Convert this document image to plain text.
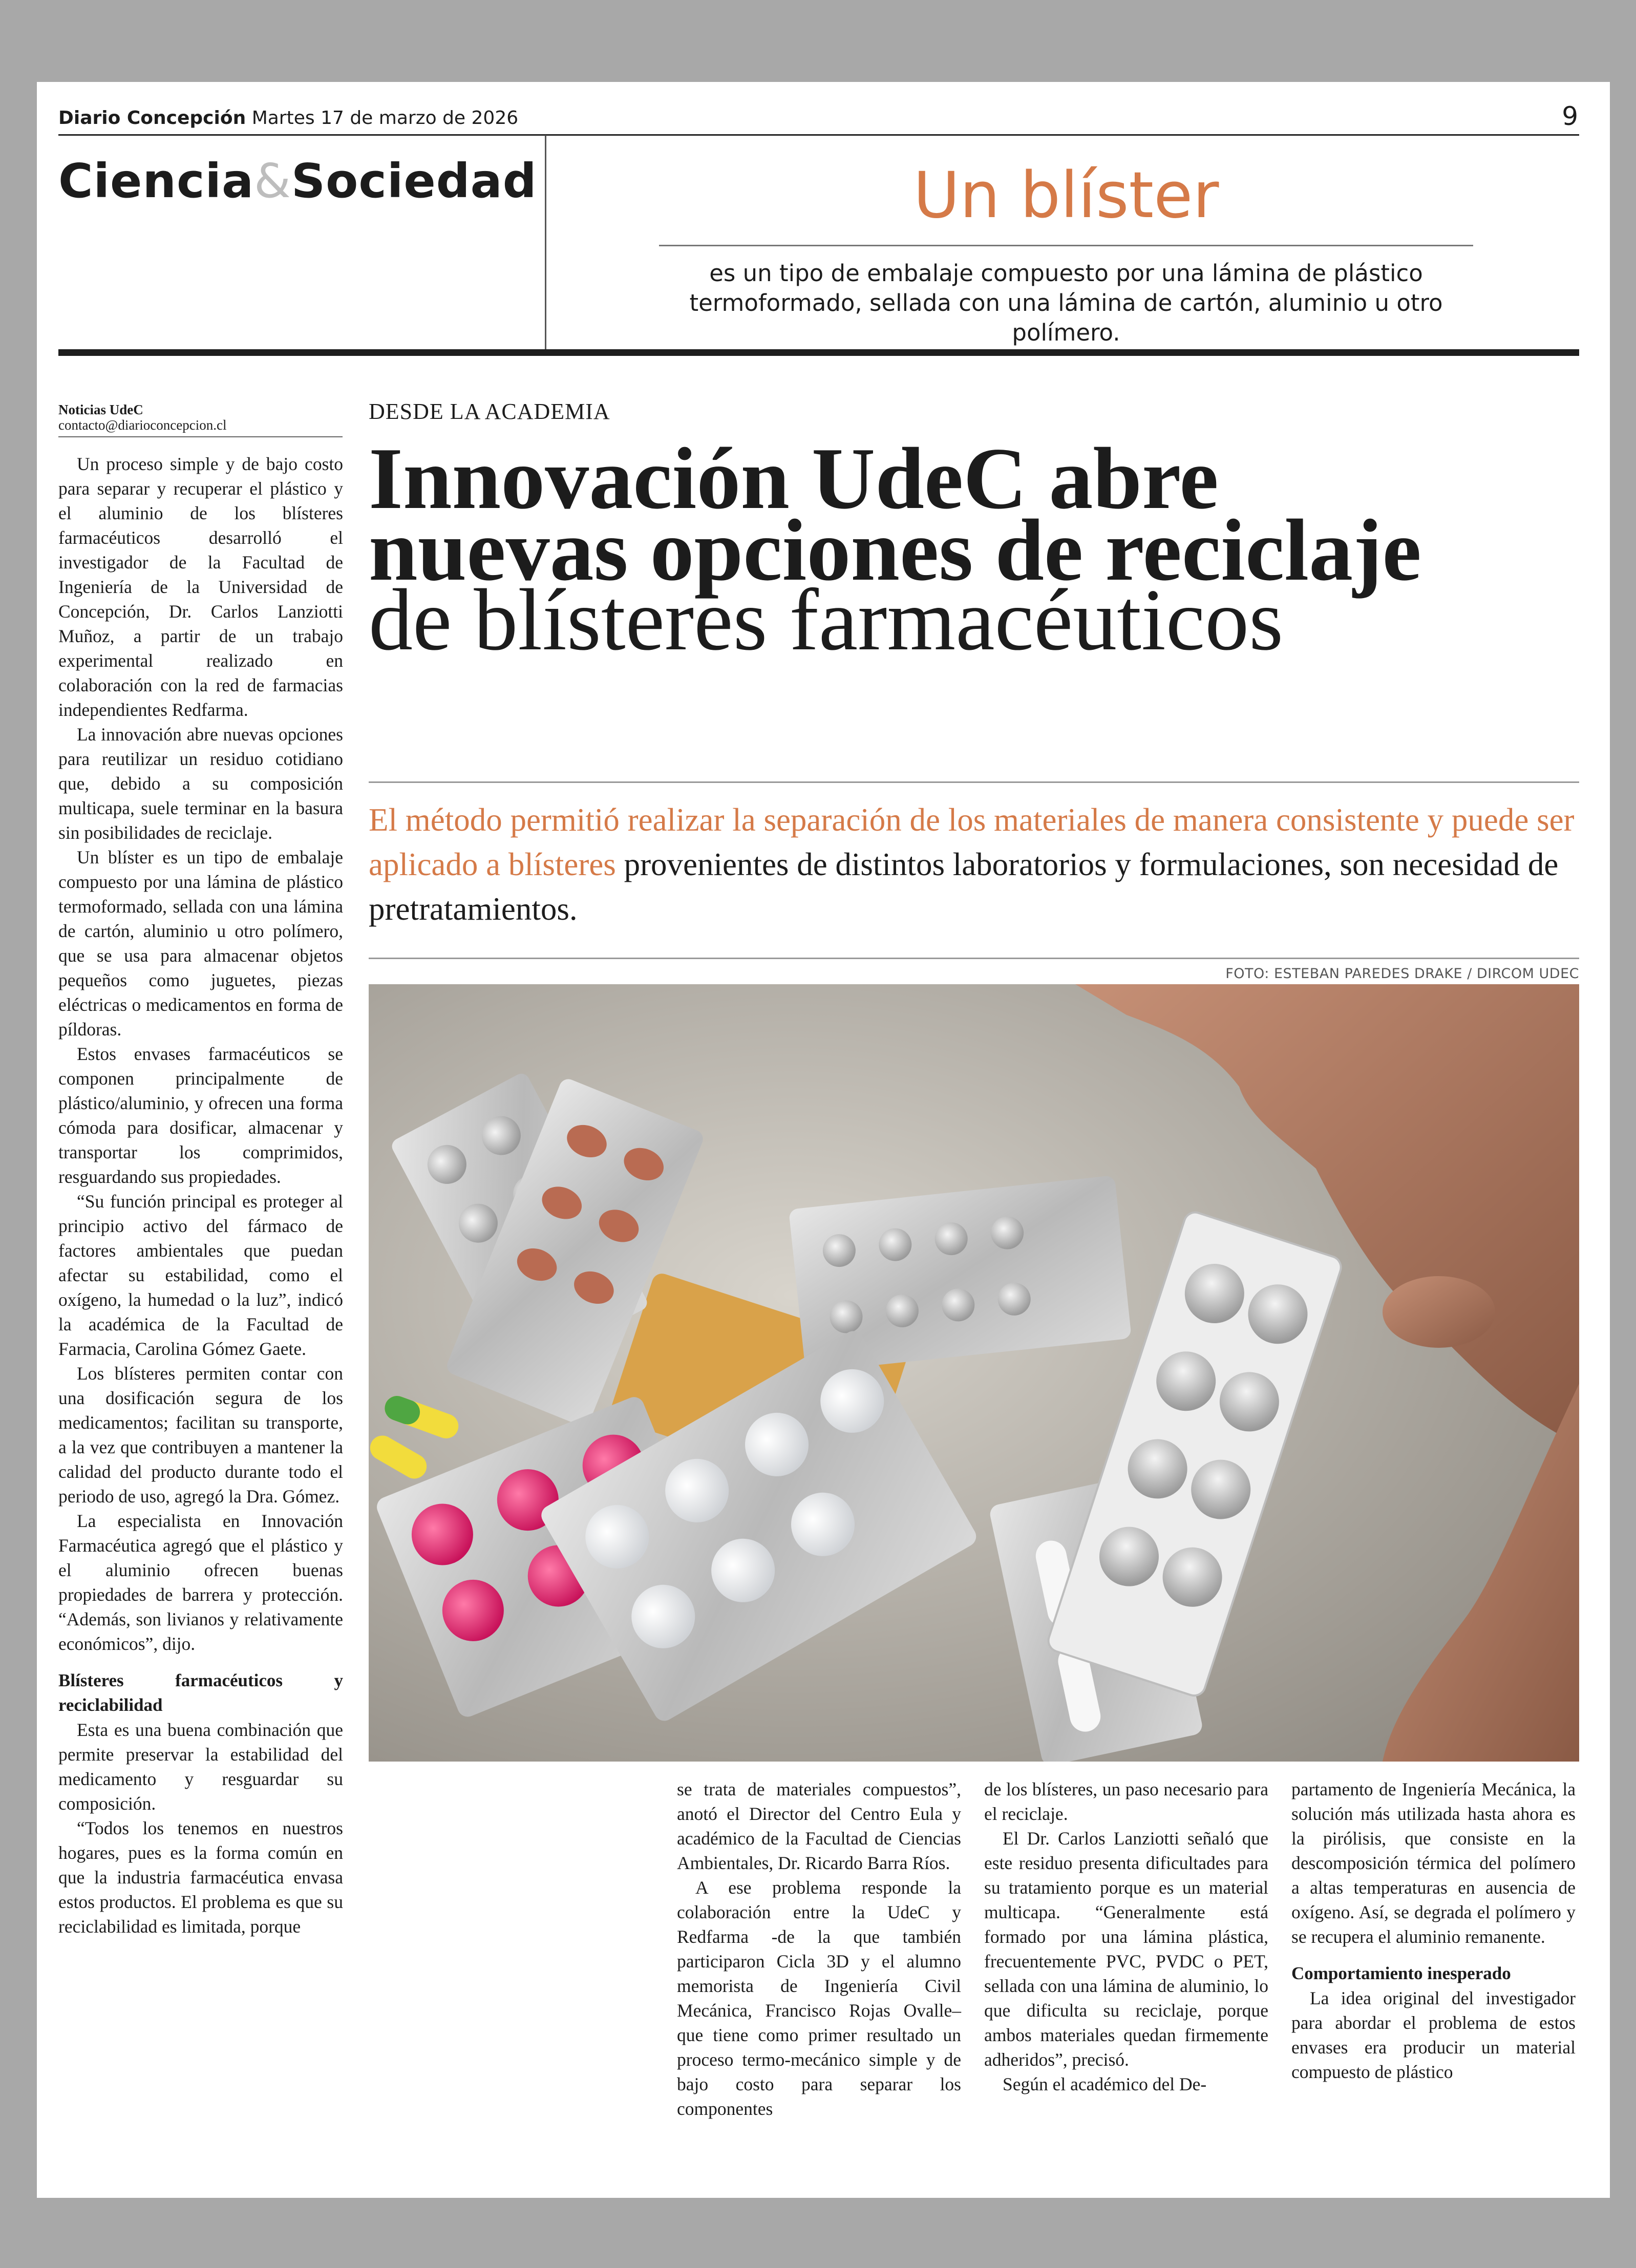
Diario Concepción Martes 17 de marzo de 2026	9
Ciencia&Sociedad	Un blíster
es un tipo de embalaje compuesto por una lámina de plástico termoformado, sellada con una lámina de cartón, aluminio u otro polímero.
Noticias UdeC
contacto@diarioconcepcion.cl

Un proceso simple y de bajo costo para separar y recuperar el plástico y el aluminio de los blísteres farmacéuticos desarrolló el investigador de la Facultad de Ingeniería de la Universidad de Concepción, Dr. Carlos Lanziotti Muñoz, a partir de un trabajo experimental realizado en colaboración con la red de farmacias independientes Redfarma.

La innovación abre nuevas opciones para reutilizar un residuo cotidiano que, debido a su composición multicapa, suele terminar en la basura sin posibilidades de reciclaje.

Un blíster es un tipo de embalaje compuesto por una lámina de plástico termoformado, sellada con una lámina de cartón, aluminio u otro polímero, que se usa para almacenar objetos pequeños como juguetes, piezas eléctricas o medicamentos en forma de píldoras.

Estos envases farmacéuticos se componen principalmente de plástico/aluminio, y ofrecen una forma cómoda para dosificar, almacenar y transportar los comprimidos, resguardando sus propiedades.

“Su función principal es proteger al principio activo del fármaco de factores ambientales que puedan afectar su estabilidad, como el oxígeno, la humedad o la luz”, indicó la académica de la Facultad de Farmacia, Carolina Gómez Gaete.

Los blísteres permiten contar con una dosificación segura de los medicamentos; facilitan su transporte, a la vez que contribuyen a mantener la calidad del producto durante todo el periodo de uso, agregó la Dra. Gómez.

La especialista en Innovación Farmacéutica agregó que el plástico y el aluminio ofrecen buenas propiedades de barrera y protección. “Además, son livianos y relativamente económicos”, dijo.

Blísteres farmacéuticos y reciclabilidad

Esta es una buena combinación que permite preservar la estabilidad del medicamento y resguardar su composición.

“Todos los tenemos en nuestros hogares, pues es la forma común en que la industria farmacéutica envasa estos productos. El problema es que su reciclabilidad es limitada, porque

DESDE LA ACADEMIA
Innovación UdeC abre
nuevas opciones de reciclaje
de blísteres farmacéuticos
El método permitió realizar la separación de los materiales de manera consistente y puede ser aplicado a blísteres provenientes de distintos laboratorios y formulaciones, son necesidad de pretratamientos.
FOTO: ESTEBAN PAREDES DRAKE / DIRCOM UDEC

se trata de materiales compuestos”, anotó el Director del Centro Eula y académico de la Facultad de Ciencias Ambientales, Dr. Ricardo Barra Ríos.

A ese problema responde la colaboración entre la UdeC y Redfarma -de la que también participaron Cicla 3D y el alumno memorista de Ingeniería Civil Mecánica, Francisco Rojas Ovalle– que tiene como primer resultado un proceso termo-mecánico simple y de bajo costo para separar los componentes

de los blísteres, un paso necesario para el reciclaje.

El Dr. Carlos Lanziotti señaló que este residuo presenta dificultades para su tratamiento porque es un material multicapa. “Generalmente está formado por una lámina plástica, frecuentemente PVC, PVDC o PET, sellada con una lámina de aluminio, lo que dificulta su reciclaje, porque ambos materiales quedan firmemente adheridos”, precisó.

Según el académico del De-

partamento de Ingeniería Mecánica, la solución más utilizada hasta ahora es la pirólisis, que consiste en la descomposición térmica del polímero a altas temperaturas en ausencia de oxígeno. Así, se degrada el polímero y se recupera el aluminio remanente.

Comportamiento inesperado

La idea original del investigador para abordar el problema de estos envases era producir un material compuesto de plástico
